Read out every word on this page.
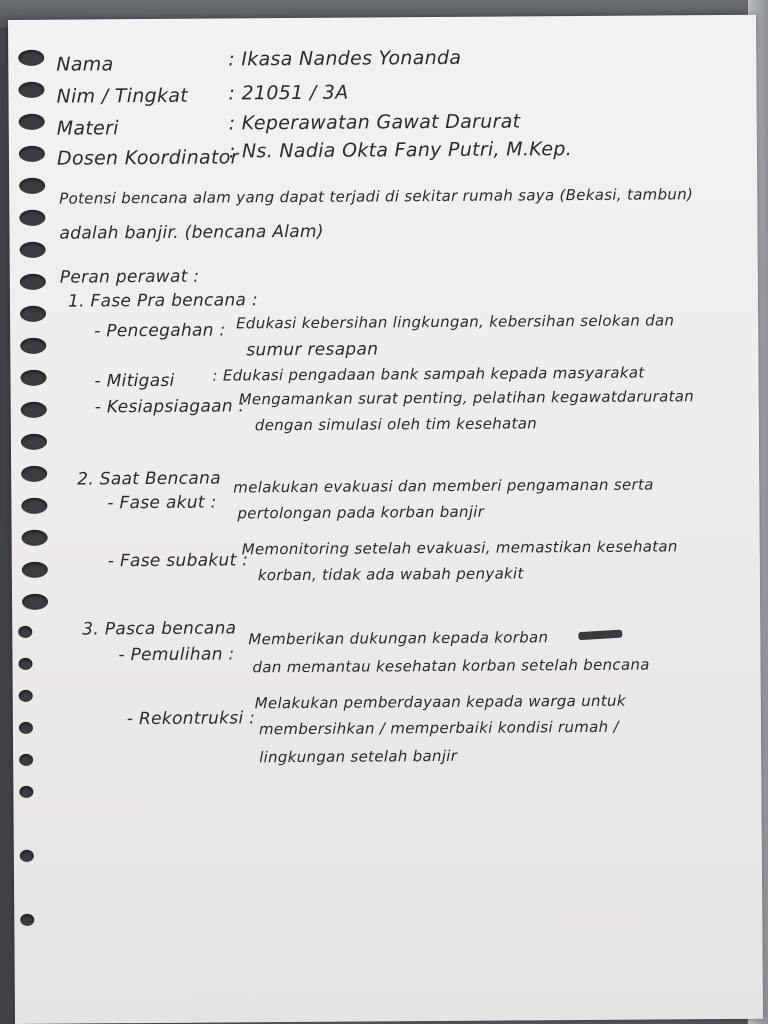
Nama	: Ikasa Nandes Yonanda
Nim / Tingkat : 21051 / 3A
Materi	: Keperawatan Gawat Darurat
Dosen Koordinator
: Ns. Nadia Okta Fany Putri, M.Kep.
Potensi bencana alam yang dapat terjadi di sekitar rumah saya (Bekasi, tambun)
adalah banjir. (bencana Alam)
Peran perawat :
1. Fase Pra bencana :
- Pencegahan : Edukasi kebersihan lingkungan, kebersihan selokan dan
sumur resapan
- Mitigasi	: Edukasi pengadaan bank sampah kepada masyarakat
- Kesiapsiagaan :
Mengamankan surat penting, pelatihan kegawatdaruratan
dengan simulasi oleh tim kesehatan
2. Saat Bencana
- Fase akut :
melakukan evakuasi dan memberi pengamanan serta
pertolongan pada korban banjir
- Fase subakut :
Memonitoring setelah evakuasi, memastikan kesehatan
korban, tidak ada wabah penyakit
3. Pasca bencana
- Pemulihan :
Memberikan dukungan kepada korban
dan memantau kesehatan korban setelah bencana
- Rekontruksi :
Melakukan pemberdayaan kepada warga untuk
membersihkan / memperbaiki kondisi rumah /
lingkungan setelah banjir
